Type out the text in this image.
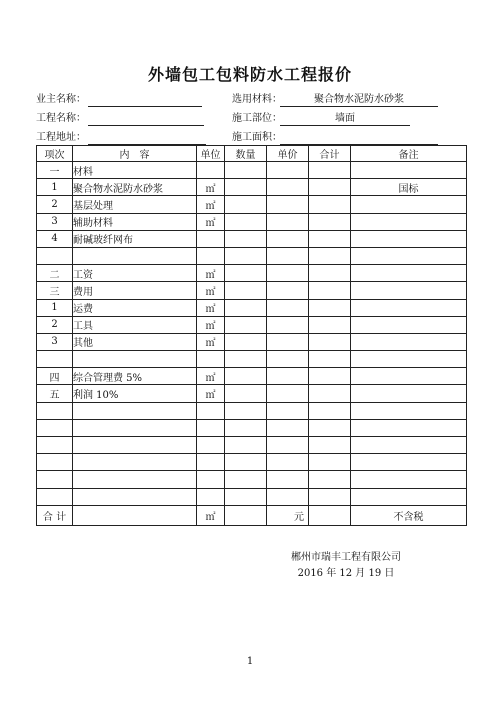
外墙包工包料防水工程报价
业主名称：	选用材料：	聚合物水泥防水砂浆
工程名称：	施工部位：	墙面
工程地址：	施工面积：
项次	内　容	单位	数量	单价	合计	备注
一	材料					
1	聚合物水泥防水砂浆	㎡				国标
2	基层处理	㎡				
3	辅助材料	㎡				
4	耐碱玻纤网布					

二	工资	㎡				
三	费用	㎡				
1	运费	㎡				
2	工具	㎡				
3	其他	㎡				

四	综合管理费 5%	㎡				
五	利润 10%	㎡				

合 计		㎡		元		不含税
郴州市瑞丰工程有限公司
2016 年 12 月 19 日
1
